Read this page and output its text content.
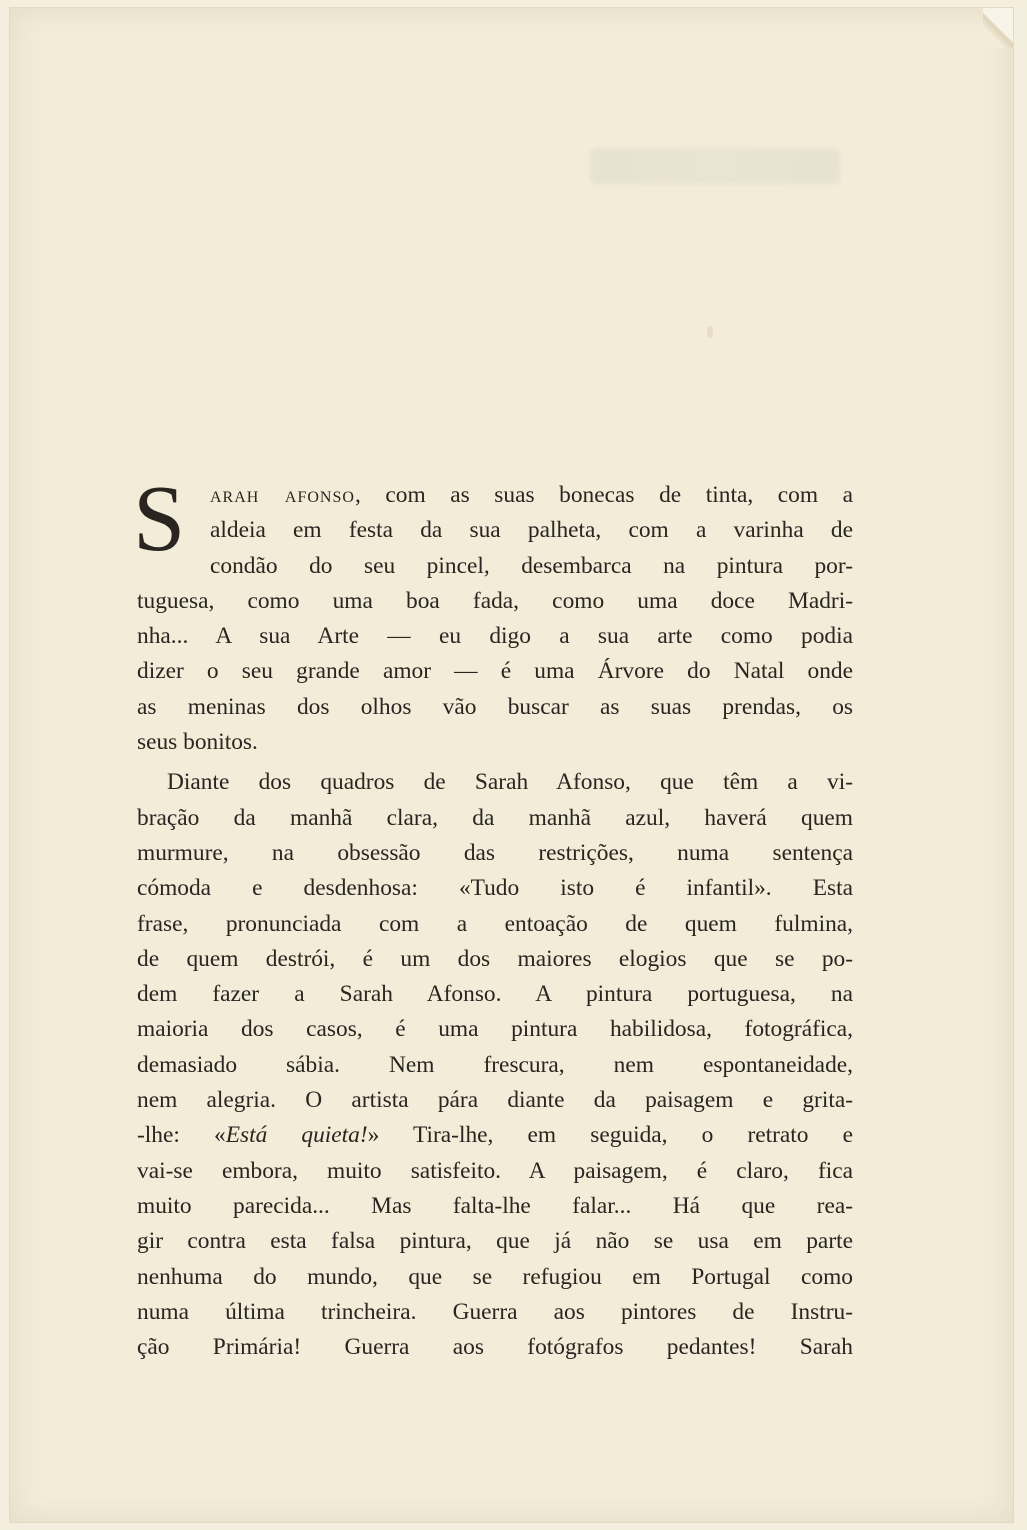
S	arah afonso, com as suas bonecas de tinta, com a
aldeia em festa da sua palheta, com a varinha de
condão do seu pincel, desembarca na pintura por-
tuguesa, como uma boa fada, como uma doce Madri-
nha... A sua Arte — eu digo a sua arte como podia
dizer o seu grande amor — é uma Árvore do Natal onde
as meninas dos olhos vão buscar as suas prendas, os
seus bonitos.
Diante dos quadros de Sarah Afonso, que têm a vi-
bração da manhã clara, da manhã azul, haverá quem
murmure, na obsessão das restrições, numa sentença
cómoda e desdenhosa: «Tudo isto é infantil». Esta
frase, pronunciada com a entoação de quem fulmina,
de quem destrói, é um dos maiores elogios que se po-
dem fazer a Sarah Afonso. A pintura portuguesa, na
maioria dos casos, é uma pintura habilidosa, fotográfica,
demasiado sábia. Nem frescura, nem espontaneidade,
nem alegria. O artista pára diante da paisagem e grita-
-lhe: «Está quieta!» Tira-lhe, em seguida, o retrato e
vai-se embora, muito satisfeito. A paisagem, é claro, fica
muito parecida... Mas falta-lhe falar... Há que rea-
gir contra esta falsa pintura, que já não se usa em parte
nenhuma do mundo, que se refugiou em Portugal como
numa última trincheira. Guerra aos pintores de Instru-
ção Primária! Guerra aos fotógrafos pedantes! Sarah
